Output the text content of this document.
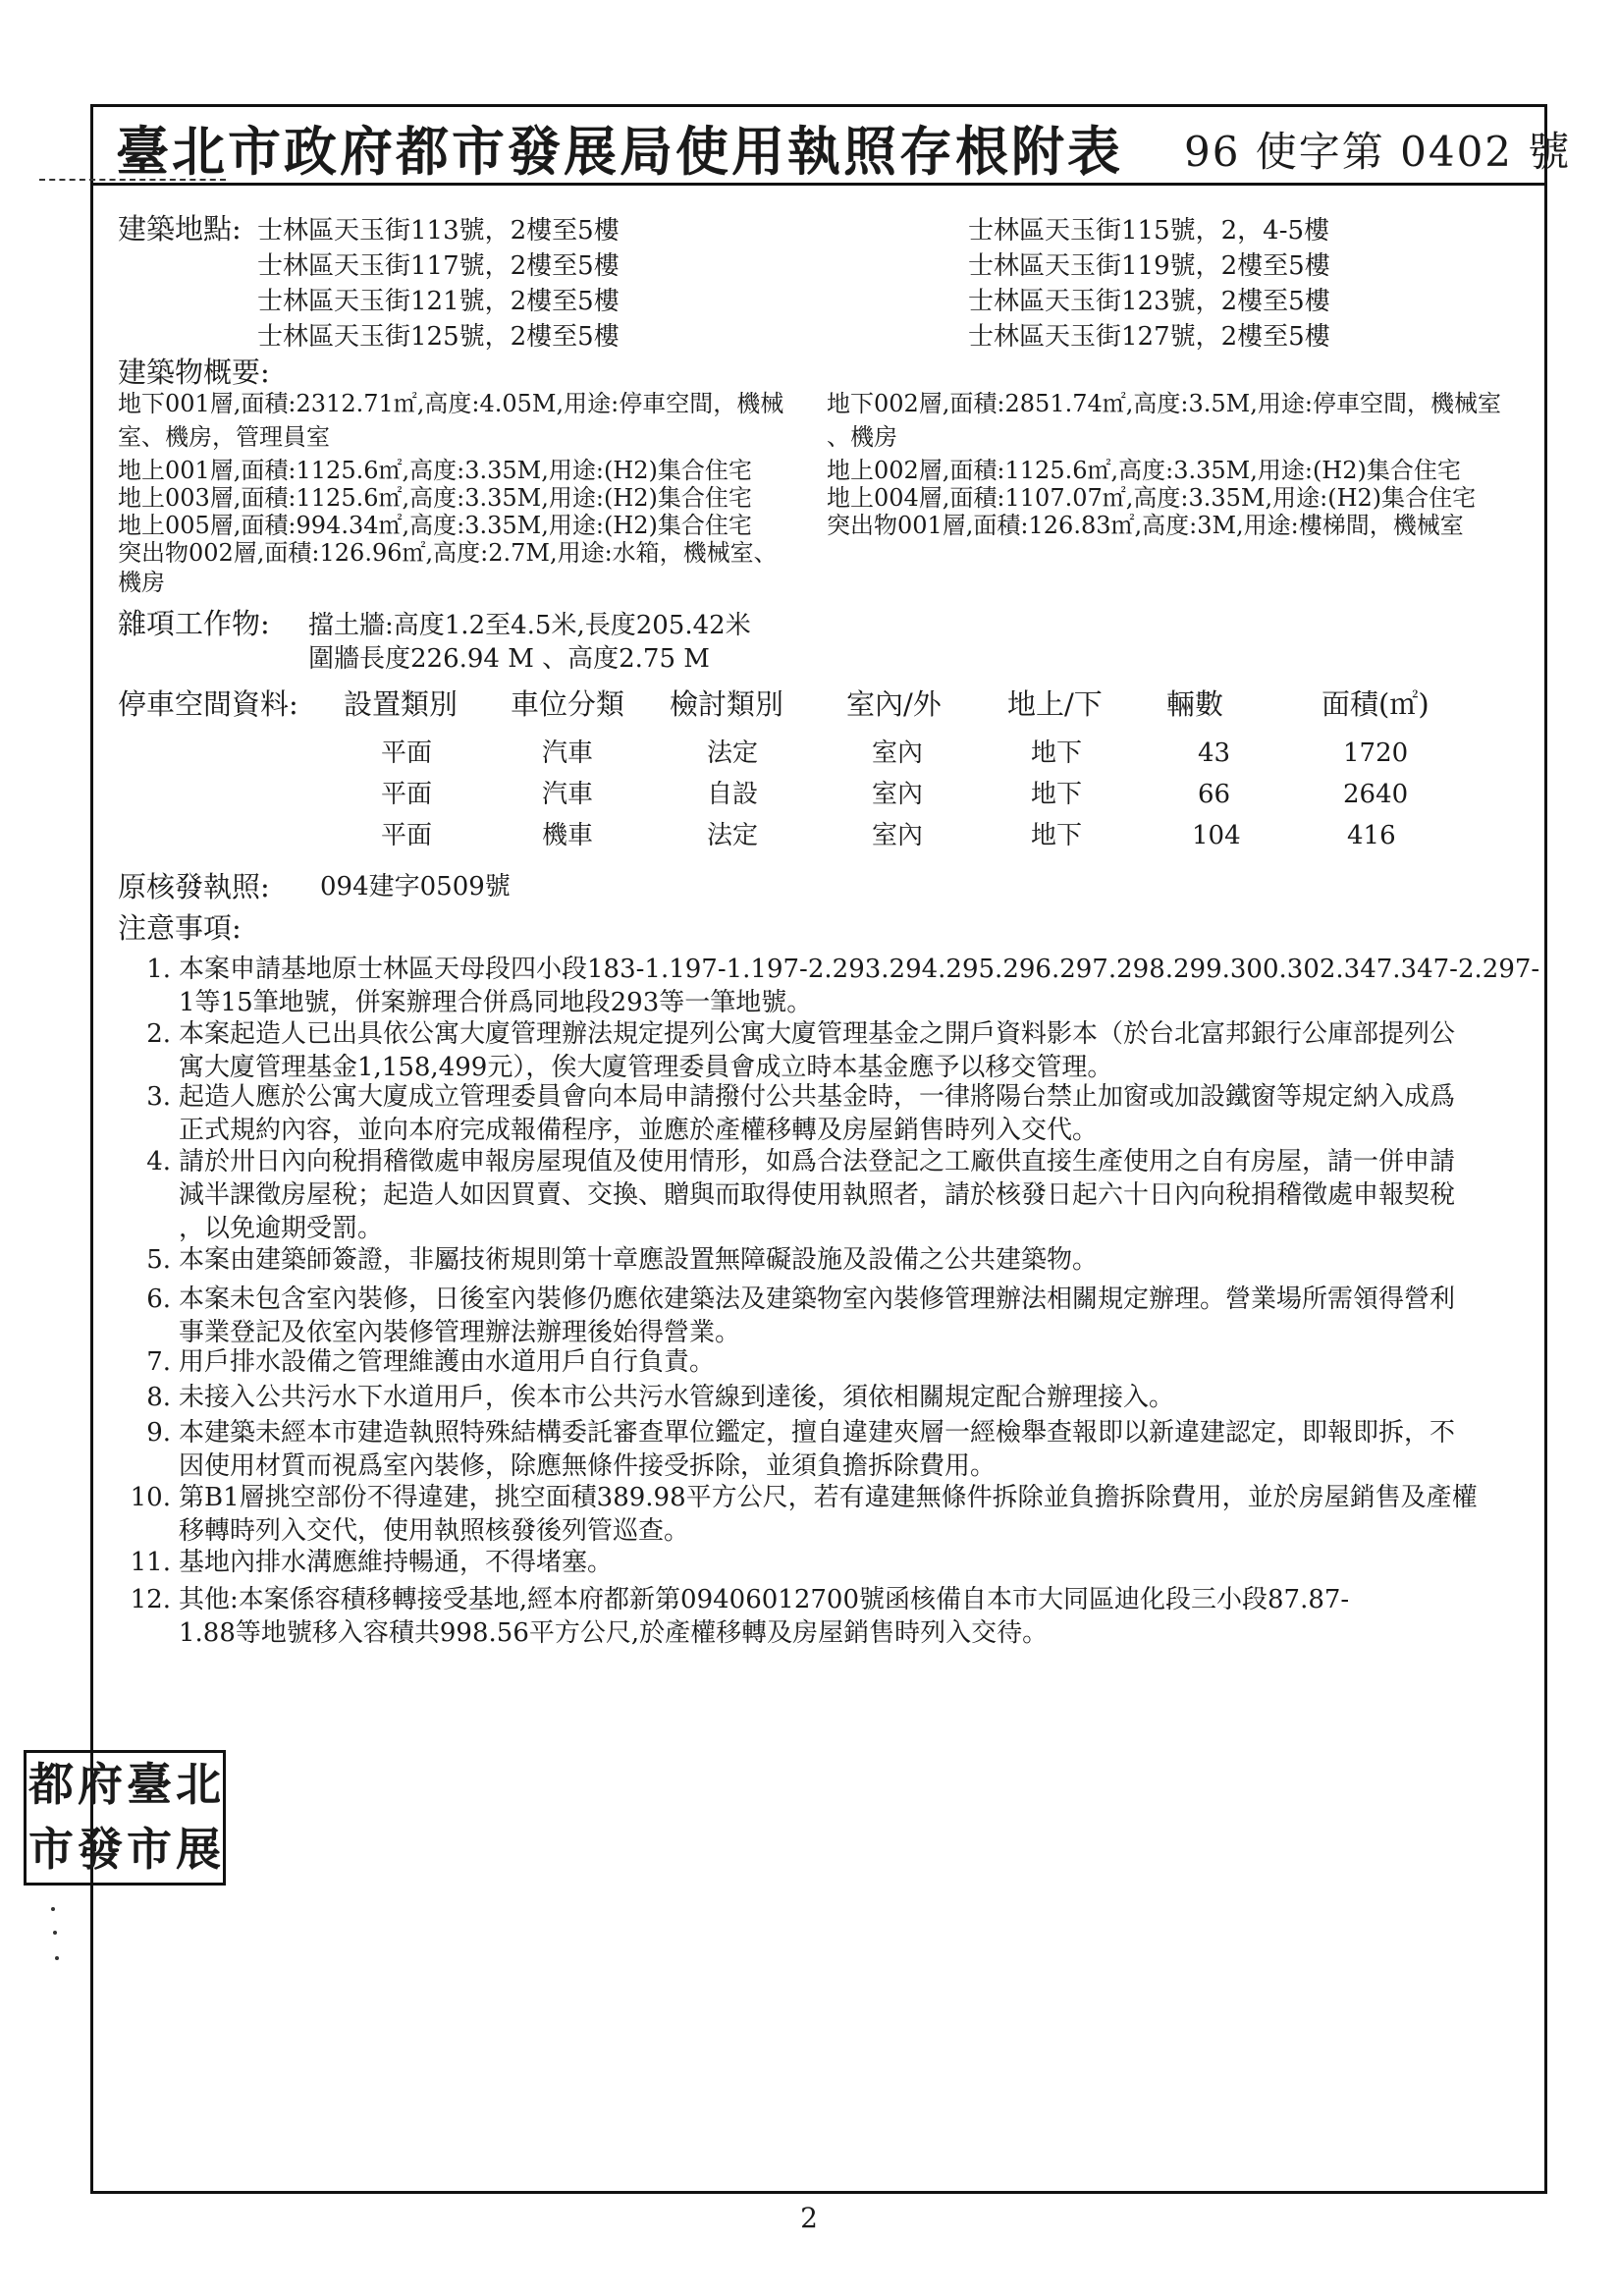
臺北市政府都市發展局使用執照存根附表 96 使字第 0402 號
建築地點: 士林區天玉街113號，2樓至5樓
士林區天玉街117號，2樓至5樓
士林區天玉街121號，2樓至5樓
士林區天玉街125號，2樓至5樓
士林區天玉街115號，2，4-5樓
士林區天玉街119號，2樓至5樓
士林區天玉街123號，2樓至5樓
士林區天玉街127號，2樓至5樓
建築物概要:
地下001層,面積:2312.71㎡,高度:4.05M,用途:停車空間，機械
室、機房，管理員室
地上001層,面積:1125.6㎡,高度:3.35M,用途:(H2)集合住宅
地上003層,面積:1125.6㎡,高度:3.35M,用途:(H2)集合住宅
地上005層,面積:994.34㎡,高度:3.35M,用途:(H2)集合住宅
突出物002層,面積:126.96㎡,高度:2.7M,用途:水箱，機械室、
機房
地下002層,面積:2851.74㎡,高度:3.5M,用途:停車空間，機械室
、機房
地上002層,面積:1125.6㎡,高度:3.35M,用途:(H2)集合住宅
地上004層,面積:1107.07㎡,高度:3.35M,用途:(H2)集合住宅
突出物001層,面積:126.83㎡,高度:3M,用途:樓梯間，機械室
雜項工作物: 擋土牆:高度1.2至4.5米,長度205.42米
圍牆長度226.94 M 、高度2.75 M
停車空間資料: 設置類別 車位分類 檢討類別 室內/外 地上/下 輛數	面積(㎡)
平面	汽車	法定	室內	地下	43	1720
平面	汽車	自設	室內	地下	66	2640
平面	機車	法定	室內	地下	104	416
原核發執照: 094建字0509號
注意事項:
1. 本案申請基地原士林區天母段四小段183-1.197-1.197-2.293.294.295.296.297.298.299.300.302.347.347-2.297-
1等15筆地號，併案辦理合併爲同地段293等一筆地號。
2. 本案起造人已出具依公寓大廈管理辦法規定提列公寓大廈管理基金之開戶資料影本（於台北富邦銀行公庫部提列公
寓大廈管理基金1,158,499元），俟大廈管理委員會成立時本基金應予以移交管理。
3. 起造人應於公寓大廈成立管理委員會向本局申請撥付公共基金時，一律將陽台禁止加窗或加設鐵窗等規定納入成爲
正式規約內容，並向本府完成報備程序，並應於產權移轉及房屋銷售時列入交代。
4. 請於卅日內向稅捐稽徵處申報房屋現值及使用情形，如爲合法登記之工廠供直接生產使用之自有房屋，請一併申請
減半課徵房屋稅；起造人如因買賣、交換、贈與而取得使用執照者，請於核發日起六十日內向稅捐稽徵處申報契稅
，以免逾期受罰。
5. 本案由建築師簽證，非屬技術規則第十章應設置無障礙設施及設備之公共建築物。
6. 本案未包含室內裝修，日後室內裝修仍應依建築法及建築物室內裝修管理辦法相關規定辦理。營業場所需領得營利
事業登記及依室內裝修管理辦法辦理後始得營業。
7. 用戶排水設備之管理維護由水道用戶自行負責。
8. 未接入公共污水下水道用戶，俟本市公共污水管線到達後，須依相關規定配合辦理接入。
9. 本建築未經本市建造執照特殊結構委託審查單位鑑定，擅自違建夾層一經檢舉查報即以新違建認定，即報即拆，不
因使用材質而視爲室內裝修，除應無條件接受拆除，並須負擔拆除費用。
10. 第B1層挑空部份不得違建，挑空面積389.98平方公尺，若有違建無條件拆除並負擔拆除費用，並於房屋銷售及產權
移轉時列入交代，使用執照核發後列管巡查。
11. 基地內排水溝應維持暢通，不得堵塞。
12. 其他:本案係容積移轉接受基地,經本府都新第09406012700號函核備自本市大同區迪化段三小段87.87-
1.88等地號移入容積共998.56平方公尺,於產權移轉及房屋銷售時列入交待。
都 府 臺 北
市 發 市 展
2
